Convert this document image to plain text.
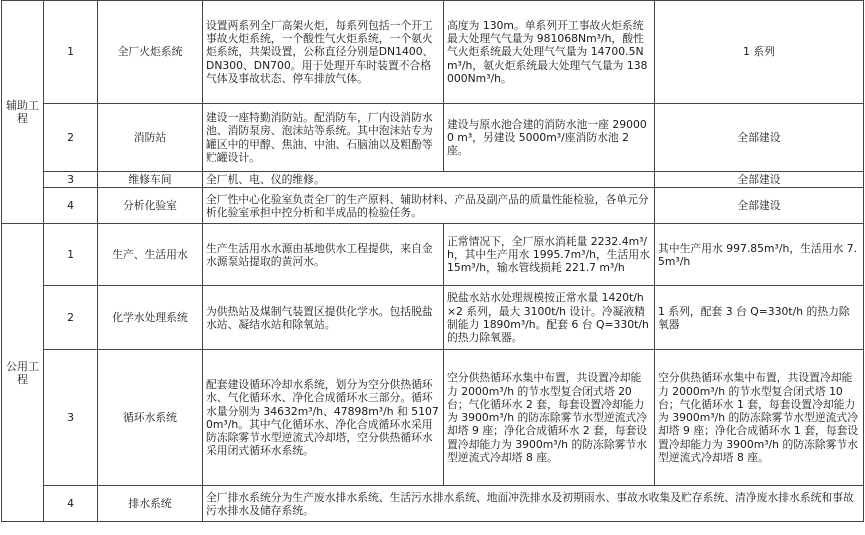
辅助工程	1	全厂火炬系统	设置两系列全厂高架火炬，每系列包括一个开工事故火炬系统，一个酸性气火炬系统，一个氨火炬系统，共架设置，公称直径分别是DN1400、DN300、DN700。用于处理开车时装置不合格气体及事故状态、停车排放气体。	高度为 130m。单系列开工事故火炬系统最大处理气气量为 981068Nm³/h，酸性气火炬系统最大处理气气量为 14700.5Nm³/h，氨火炬系统最大处理气气量为 138000Nm³/h。	1 系列
	2	消防站	建设一座特勤消防站。配消防车，厂内设消防水池、消防泵房、泡沫站等系统。其中泡沫站专为罐区中的甲醇、焦油、中油、石脑油以及粗酚等贮罐设计。	建设与原水池合建的消防水池一座 290000 m³，另建设 5000m³/座消防水池 2 座。	全部建设
	3	维修车间	全厂机、电、仪的维修。		全部建设
	4	分析化验室	全厂性中心化验室负责全厂的生产原料、辅助材料、产品及副产品的质量性能检验，各单元分析化验室承担中控分析和半成品的检验任务。		全部建设
公用工程	1	生产、生活用水	生产生活用水水源由基地供水工程提供，来自金水源泵站提取的黄河水。	正常情况下，全厂原水消耗量 2232.4m³/h，其中生产用水 1995.7m³/h，生活用水 15m³/h，输水管线损耗 221.7 m³/h	其中生产用水 997.85m³/h，生活用水 7.5m³/h
	2	化学水处理系统	为供热站及煤制气装置区提供化学水。包括脱盐水站、凝结水站和除氧站。	脱盐水站水处理规模按正常水量 1420t/h×2 系列，最大 3100t/h 设计。冷凝液精制能力 1890m³/h。配套 6 台 Q=330t/h 的热力除氧器。	1 系列，配套 3 台 Q=330t/h 的热力除氧器
	3	循环水系统	配套建设循环冷却水系统，划分为空分供热循环水、气化循环水、净化合成循环水三部分。循环水量分别为 34632m³/h、47898m³/h 和 51070m³/h。其中气化循环水、净化合成循环水采用防冻除雾节水型逆流式冷却塔，空分供热循环水采用闭式循环水系统。	空分供热循环水集中布置，共设置冷却能力 2000m³/h 的节水型复合闭式塔 20 台；气化循环水 2 套，每套设置冷却能力为 3900m³/h 的防冻除雾节水型逆流式冷却塔 9 座；净化合成循环水 2 套，每套设置冷却能力为 3900m³/h 的防冻除雾节水型逆流式冷却塔 8 座。	空分供热循环水集中布置，共设置冷却能力 2000m³/h 的节水型复合闭式塔 10 台；气化循环水 1 套，每套设置冷却能力为 3900m³/h 的防冻除雾节水型逆流式冷却塔 9 座；净化合成循环水 1 套，每套设置冷却能力为 3900m³/h 的防冻除雾节水型逆流式冷却塔 8 座。
	4	排水系统	全厂排水系统分为生产废水排水系统、生活污水排水系统、地面冲洗排水及初期雨水、事故水收集及贮存系统、清净废水排水系统和事故污水排水及储存系统。		
